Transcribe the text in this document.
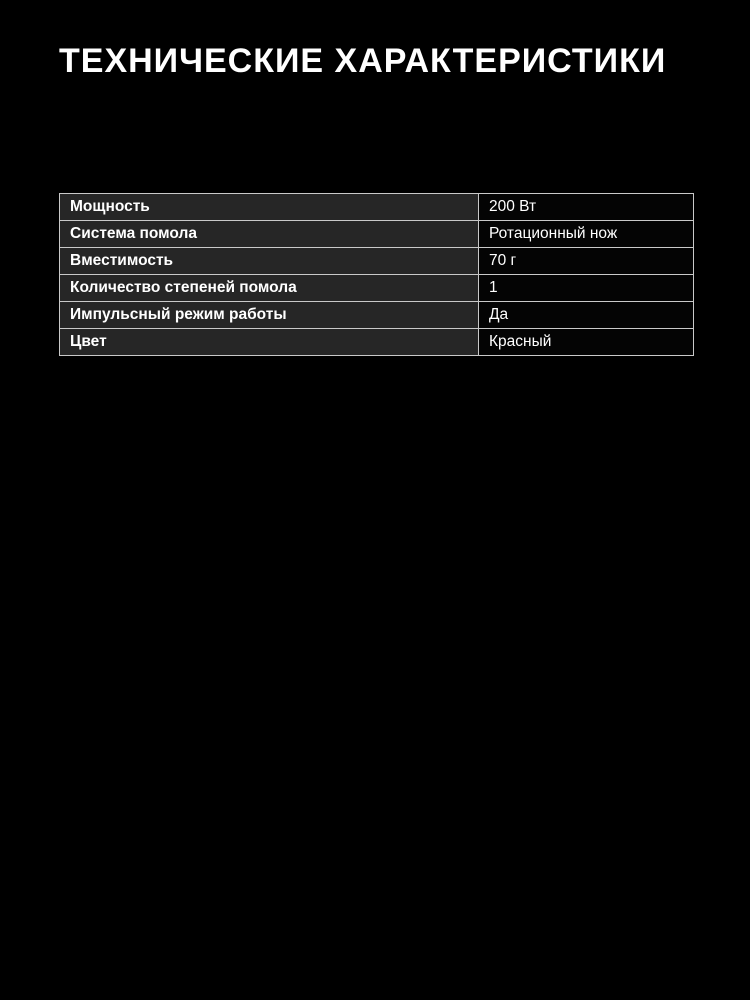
ТЕХНИЧЕСКИЕ ХАРАКТЕРИСТИКИ
Мощность	200 Вт
Система помола	Ротационный нож
Вместимость	70 г
Количество степеней помола	1
Импульсный режим работы	Да
Цвет	Красный
